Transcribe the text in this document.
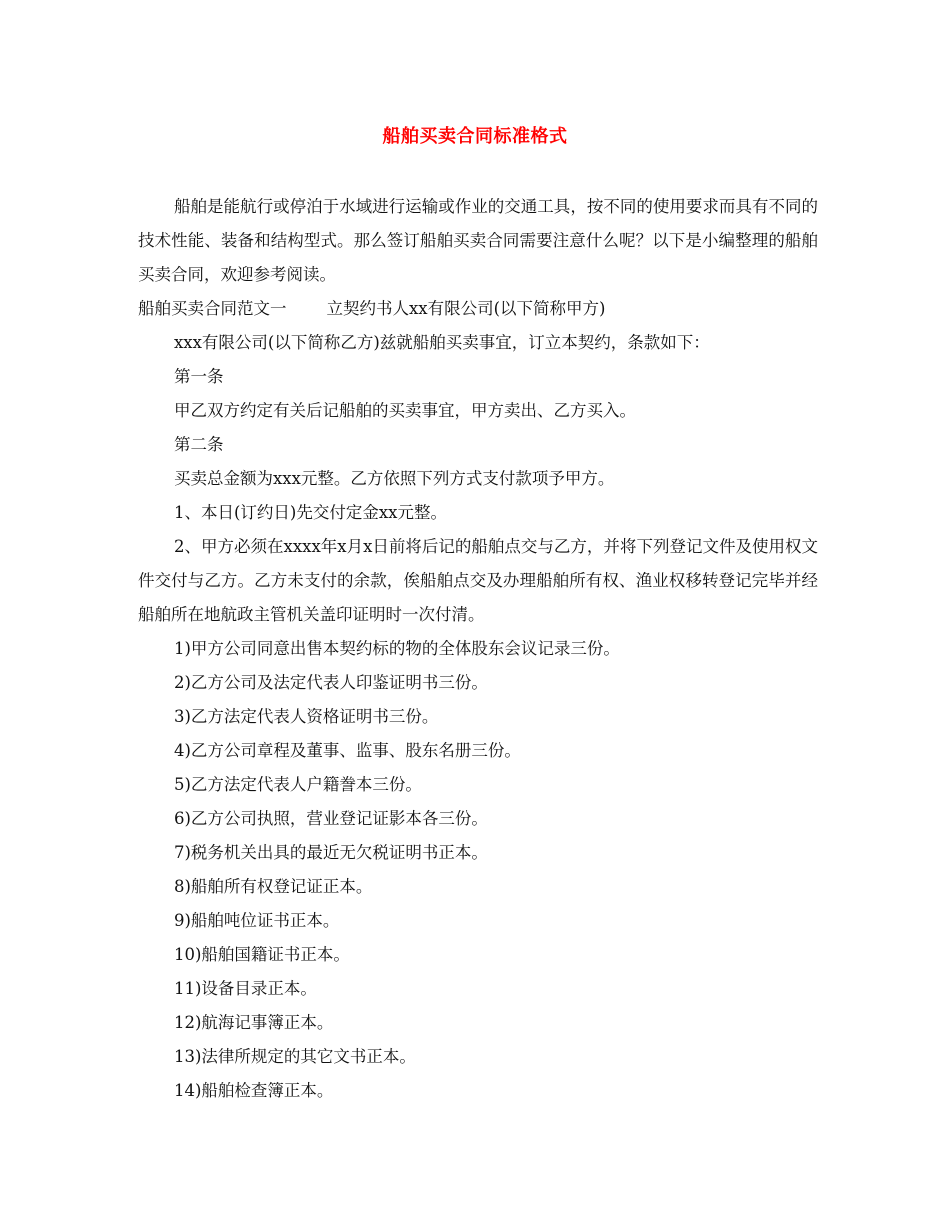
船舶买卖合同标准格式

船舶是能航行或停泊于水域进行运输或作业的交通工具，按不同的使用要求而具有不同的技术性能、装备和结构型式。那么签订船舶买卖合同需要注意什么呢？以下是小编整理的船舶买卖合同，欢迎参考阅读。

船舶买卖合同范文一 立契约书人xx有限公司(以下简称甲方)

xxx有限公司(以下简称乙方)兹就船舶买卖事宜，订立本契约，条款如下：

第一条

甲乙双方约定有关后记船舶的买卖事宜，甲方卖出、乙方买入。

第二条

买卖总金额为xxx元整。乙方依照下列方式支付款项予甲方。

1、本日(订约日)先交付定金xx元整。

2、甲方必须在xxxx年x月x日前将后记的船舶点交与乙方，并将下列登记文件及使用权文件交付与乙方。乙方未支付的余款，俟船舶点交及办理船舶所有权、渔业权移转登记完毕并经船舶所在地航政主管机关盖印证明时一次付清。

1)甲方公司同意出售本契约标的物的全体股东会议记录三份。

2)乙方公司及法定代表人印鉴证明书三份。

3)乙方法定代表人资格证明书三份。

4)乙方公司章程及董事、监事、股东名册三份。

5)乙方法定代表人户籍誊本三份。

6)乙方公司执照，营业登记证影本各三份。

7)税务机关出具的最近无欠税证明书正本。

8)船舶所有权登记证正本。

9)船舶吨位证书正本。

10)船舶国籍证书正本。

11)设备目录正本。

12)航海记事簿正本。

13)法律所规定的其它文书正本。

14)船舶检查簿正本。
